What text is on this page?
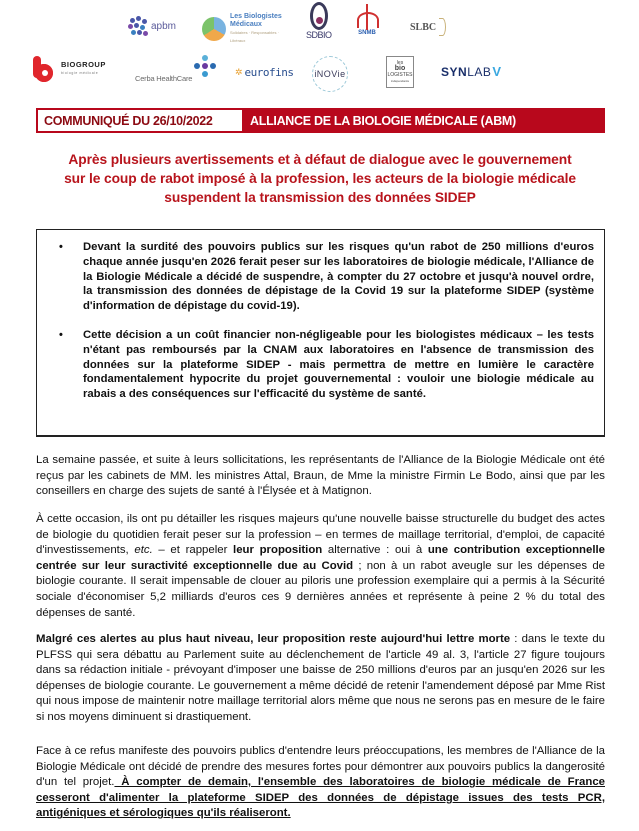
apbm
Les Biologistes Médicaux
Solidaires · Responsables · Libéraux
SDBIO	SNMB
SLBC
BIOGROUP
biologie médicale
Cerba HealthCare
✲ eurofins iNOVie
les
bio
LOGISTES
indépendants
SYNLAB V
COMMUNIQUÉ DU 26/10/2022	ALLIANCE DE LA BIOLOGIE MÉDICALE (ABM)
Après plusieurs avertissements et à défaut de dialogue avec le gouvernement
sur le coup de rabot imposé à la profession, les acteurs de la biologie médicale
suspendent la transmission des données SIDEP
• Devant la surdité des pouvoirs publics sur les risques qu'un rabot de 250 millions d'euros chaque année jusqu'en 2026 ferait peser sur les laboratoires de biologie médicale, l'Alliance de la Biologie Médicale a décidé de suspendre, à compter du 27 octobre et jusqu'à nouvel ordre, la transmission des données de dépistage de la Covid 19 sur la plateforme SIDEP (système d'information de dépistage du covid-19).
• Cette décision a un coût financier non-négligeable pour les biologistes médicaux – les tests n'étant pas remboursés par la CNAM aux laboratoires en l'absence de transmission des données sur la plateforme SIDEP - mais permettra de mettre en lumière le caractère fondamentalement hypocrite du projet gouvernemental : vouloir une biologie médicale au rabais a des conséquences sur l'efficacité du système de santé.

La semaine passée, et suite à leurs sollicitations, les représentants de l'Alliance de la Biologie Médicale ont été reçus par les cabinets de MM. les ministres Attal, Braun, de Mme la ministre Firmin Le Bodo, ainsi que par les conseillers en charge des sujets de santé à l'Élysée et à Matignon.

À cette occasion, ils ont pu détailler les risques majeurs qu'une nouvelle baisse structurelle du budget des actes de biologie du quotidien ferait peser sur la profession – en termes de maillage territorial, d'emploi, de capacité d'investissements, etc. – et rappeler leur proposition alternative : oui à une contribution exceptionnelle centrée sur leur suractivité exceptionnelle due au Covid ; non à un rabot aveugle sur les dépenses de biologie courante. Il serait impensable de clouer au piloris une profession exemplaire qui a permis à la Sécurité sociale d'économiser 5,2 milliards d'euros ces 9 dernières années et représente à peine 2 % du total des dépenses de santé.

Malgré ces alertes au plus haut niveau, leur proposition reste aujourd'hui lettre morte : dans le texte du PLFSS qui sera débattu au Parlement suite au déclenchement de l'article 49 al. 3, l'article 27 figure toujours dans sa rédaction initiale - prévoyant d'imposer une baisse de 250 millions d'euros par an jusqu'en 2026 sur les dépenses de biologie courante. Le gouvernement a même décidé de retenir l'amendement déposé par Mme Rist qui nous impose de maintenir notre maillage territorial alors même que nous ne serons pas en mesure de le faire si nos moyens diminuent si drastiquement.

Face à ce refus manifeste des pouvoirs publics d'entendre leurs préoccupations, les membres de l'Alliance de la Biologie Médicale ont décidé de prendre des mesures fortes pour démontrer aux pouvoirs publics la dangerosité d'un tel projet. À compter de demain, l'ensemble des laboratoires de biologie médicale de France cesseront d'alimenter la plateforme SIDEP des données de dépistage issues des tests PCR, antigéniques et sérologiques qu'ils réaliseront.
